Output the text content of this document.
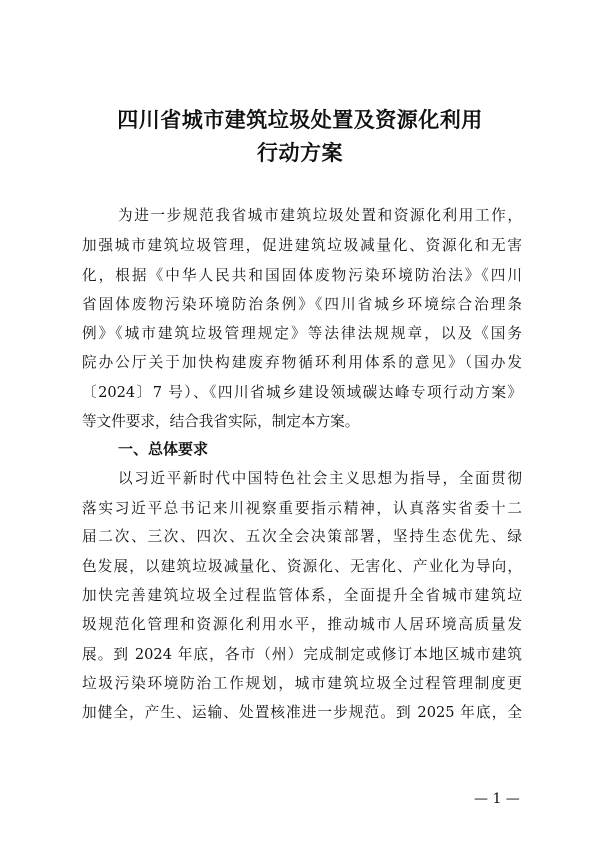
四川省城市建筑垃圾处置及资源化利用
行动方案
为进一步规范我省城市建筑垃圾处置和资源化利用工作，
加强城市建筑垃圾管理，促进建筑垃圾减量化、资源化和无害
化，根据《中华人民共和国固体废物污染环境防治法》《四川
省固体废物污染环境防治条例》《四川省城乡环境综合治理条
例》《城市建筑垃圾管理规定》等法律法规规章，以及《国务
院办公厅关于加快构建废弃物循环利用体系的意见》（国办发
〔2024〕7 号）、《四川省城乡建设领域碳达峰专项行动方案》
等文件要求，结合我省实际，制定本方案。
一、总体要求
以习近平新时代中国特色社会主义思想为指导，全面贯彻
落实习近平总书记来川视察重要指示精神，认真落实省委十二
届二次、三次、四次、五次全会决策部署，坚持生态优先、绿
色发展，以建筑垃圾减量化、资源化、无害化、产业化为导向，
加快完善建筑垃圾全过程监管体系，全面提升全省城市建筑垃
圾规范化管理和资源化利用水平，推动城市人居环境高质量发
展。到 2024 年底，各市（州）完成制定或修订本地区城市建筑
垃圾污染环境防治工作规划，城市建筑垃圾全过程管理制度更
加健全，产生、运输、处置核准进一步规范。到 2025 年底，全
— 1 —
